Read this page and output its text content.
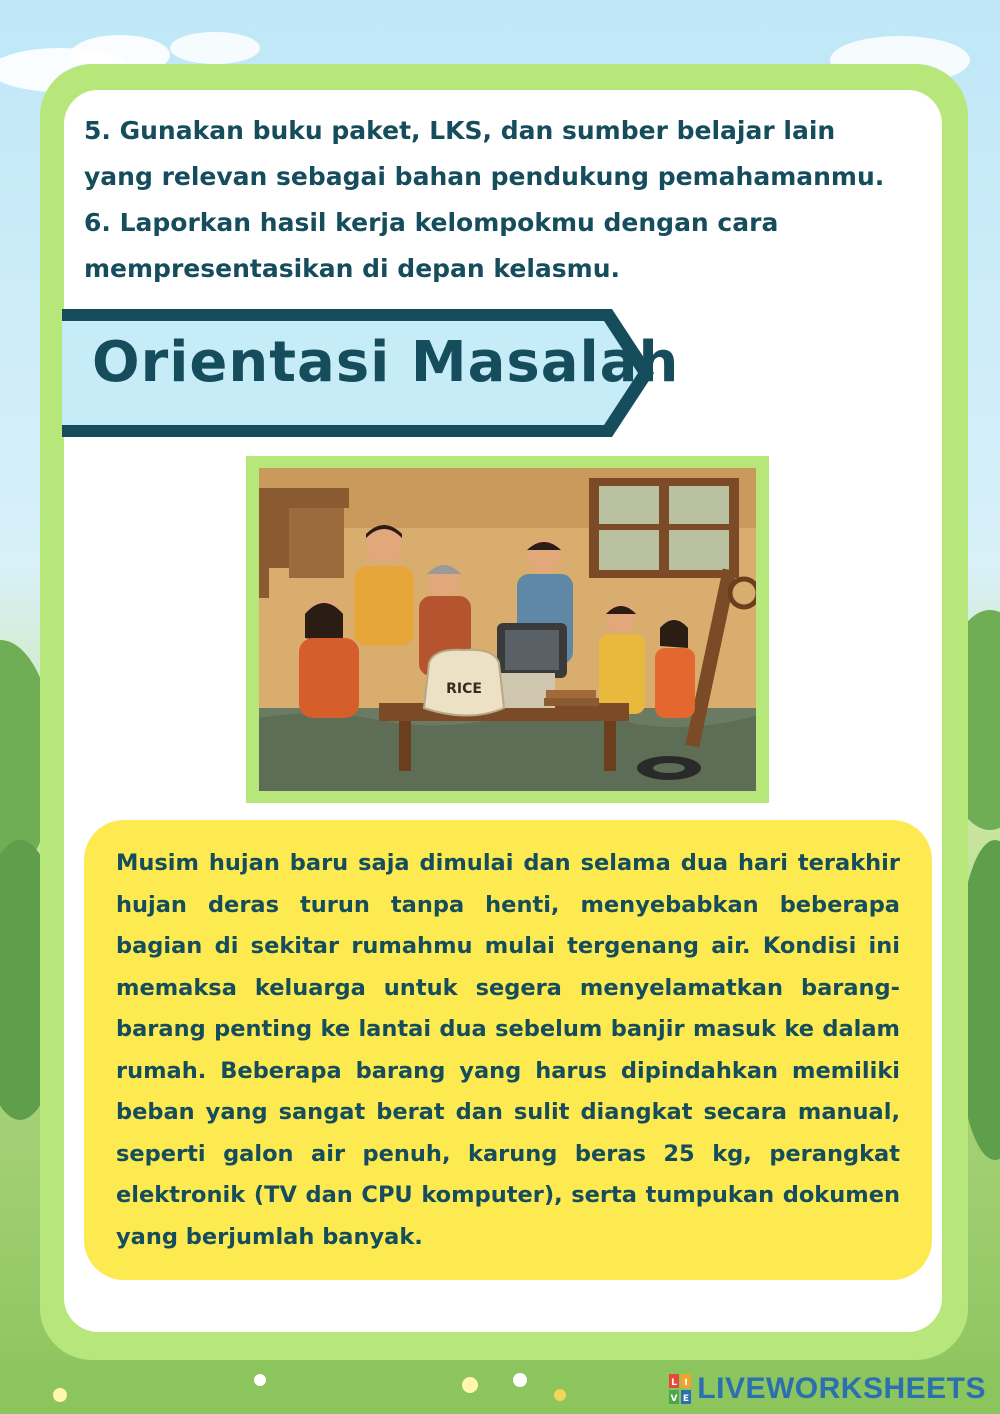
5. Gunakan buku paket, LKS, dan sumber belajar lain yang relevan sebagai bahan pendukung pemahamanmu.

6. Laporkan hasil kerja kelompokmu dengan cara mempresentasikan di depan kelasmu.

Orientasi Masalah
RICE

Musim hujan baru saja dimulai dan selama dua hari terakhir hujan deras turun tanpa henti, menyebabkan beberapa bagian di sekitar rumahmu mulai tergenang air. Kondisi ini memaksa keluarga untuk segera menyelamatkan barang-barang penting ke lantai dua sebelum banjir masuk ke dalam rumah. Beberapa barang yang harus dipindahkan memiliki beban yang sangat berat dan sulit diangkat secara manual, seperti galon air penuh, karung beras 25 kg, perangkat elektronik (TV dan CPU komputer), serta tumpukan dokumen yang berjumlah banyak.

L I
V E LIVEWORKSHEETS
